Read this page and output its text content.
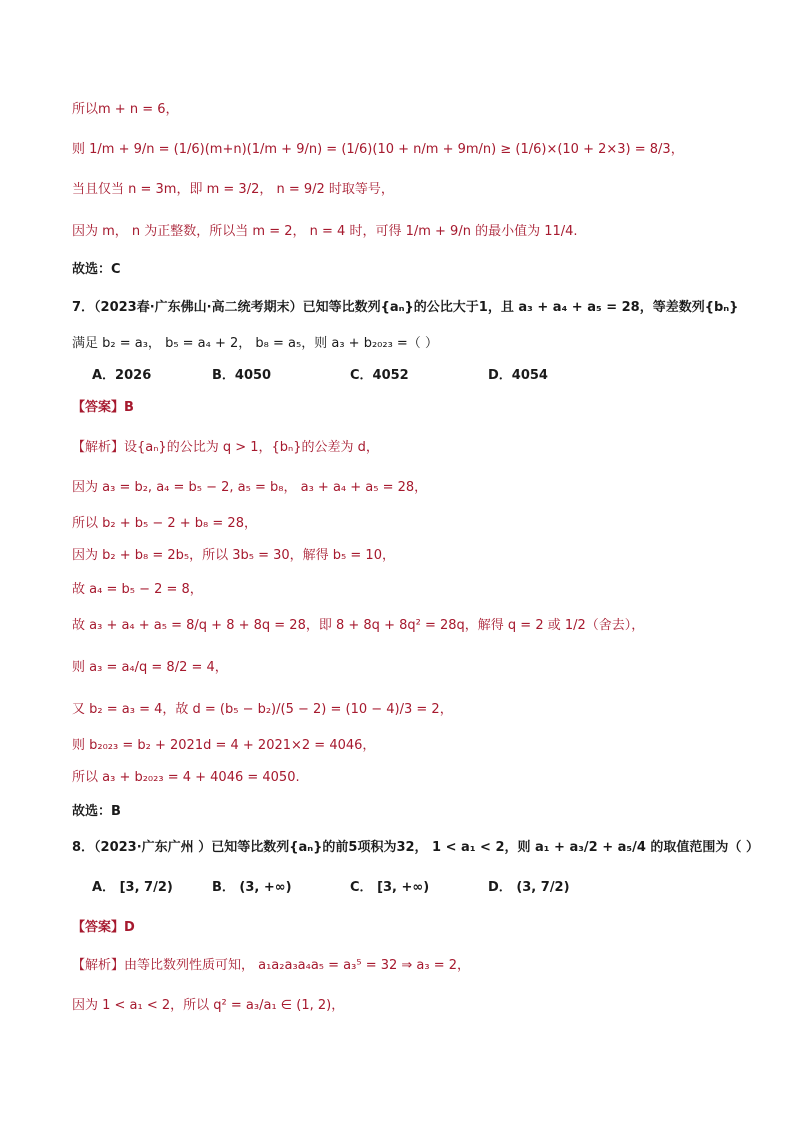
所以m + n = 6，
则 1/m + 9/n = (1/6)(m+n)(1/m + 9/n) = (1/6)(10 + n/m + 9m/n) ≥ (1/6)×(10 + 2×3) = 8/3，
当且仅当 n = 3m，即 m = 3/2， n = 9/2 时取等号，
因为 m， n 为正整数，所以当 m = 2， n = 4 时，可得 1/m + 9/n 的最小值为 11/4.
故选：C
7．（2023春·广东佛山·高二统考期末）已知等比数列{aₙ}的公比大于1，且 a₃ + a₄ + a₅ = 28，等差数列{bₙ}
满足 b₂ = a₃， b₅ = a₄ + 2， b₈ = a₅，则 a₃ + b₂₀₂₃ =（ ）
A．2026	B．4050	C．4052	D．4054
【答案】B
【解析】设{aₙ}的公比为 q > 1，{bₙ}的公差为 d，
因为 a₃ = b₂, a₄ = b₅ − 2, a₅ = b₈， a₃ + a₄ + a₅ = 28，
所以 b₂ + b₅ − 2 + b₈ = 28，
因为 b₂ + b₈ = 2b₅，所以 3b₅ = 30，解得 b₅ = 10，
故 a₄ = b₅ − 2 = 8，
故 a₃ + a₄ + a₅ = 8/q + 8 + 8q = 28，即 8 + 8q + 8q² = 28q，解得 q = 2 或 1/2（舍去），
则 a₃ = a₄/q = 8/2 = 4，
又 b₂ = a₃ = 4，故 d = (b₅ − b₂)/(5 − 2) = (10 − 4)/3 = 2，
则 b₂₀₂₃ = b₂ + 2021d = 4 + 2021×2 = 4046，
所以 a₃ + b₂₀₂₃ = 4 + 4046 = 4050.
故选：B
8．（2023·广东广州 ）已知等比数列{aₙ}的前5项积为32， 1 < a₁ < 2，则 a₁ + a₃/2 + a₅/4 的取值范围为（ ）
A． [3, 7/2)	B． (3, +∞)	C． [3, +∞)	D． (3, 7/2)
【答案】D
【解析】由等比数列性质可知， a₁a₂a₃a₄a₅ = a₃⁵ = 32 ⇒ a₃ = 2，
因为 1 < a₁ < 2，所以 q² = a₃/a₁ ∈ (1, 2)，
